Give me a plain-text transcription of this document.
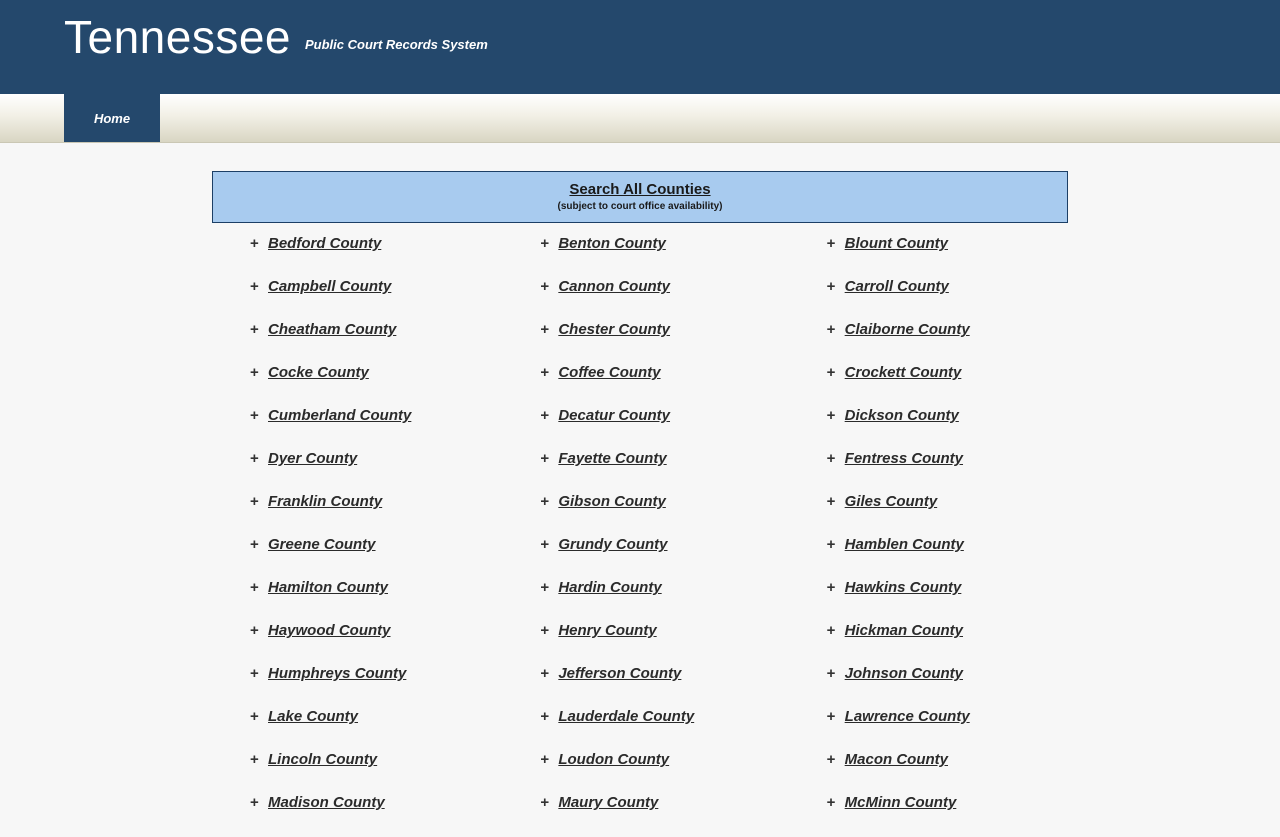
Tennessee Public Court Records System
Home
Search All Counties
(subject to court office availability)
+ Bedford County	+ Benton County	+ Blount County
+ Campbell County	+ Cannon County	+ Carroll County
+ Cheatham County	+ Chester County	+ Claiborne County
+ Cocke County	+ Coffee County	+ Crockett County
+ Cumberland County	+ Decatur County	+ Dickson County
+ Dyer County	+ Fayette County	+ Fentress County
+ Franklin County	+ Gibson County	+ Giles County
+ Greene County	+ Grundy County	+ Hamblen County
+ Hamilton County	+ Hardin County	+ Hawkins County
+ Haywood County	+ Henry County	+ Hickman County
+ Humphreys County	+ Jefferson County	+ Johnson County
+ Lake County	+ Lauderdale County	+ Lawrence County
+ Lincoln County	+ Loudon County	+ Macon County
+ Madison County	+ Maury County	+ McMinn County
